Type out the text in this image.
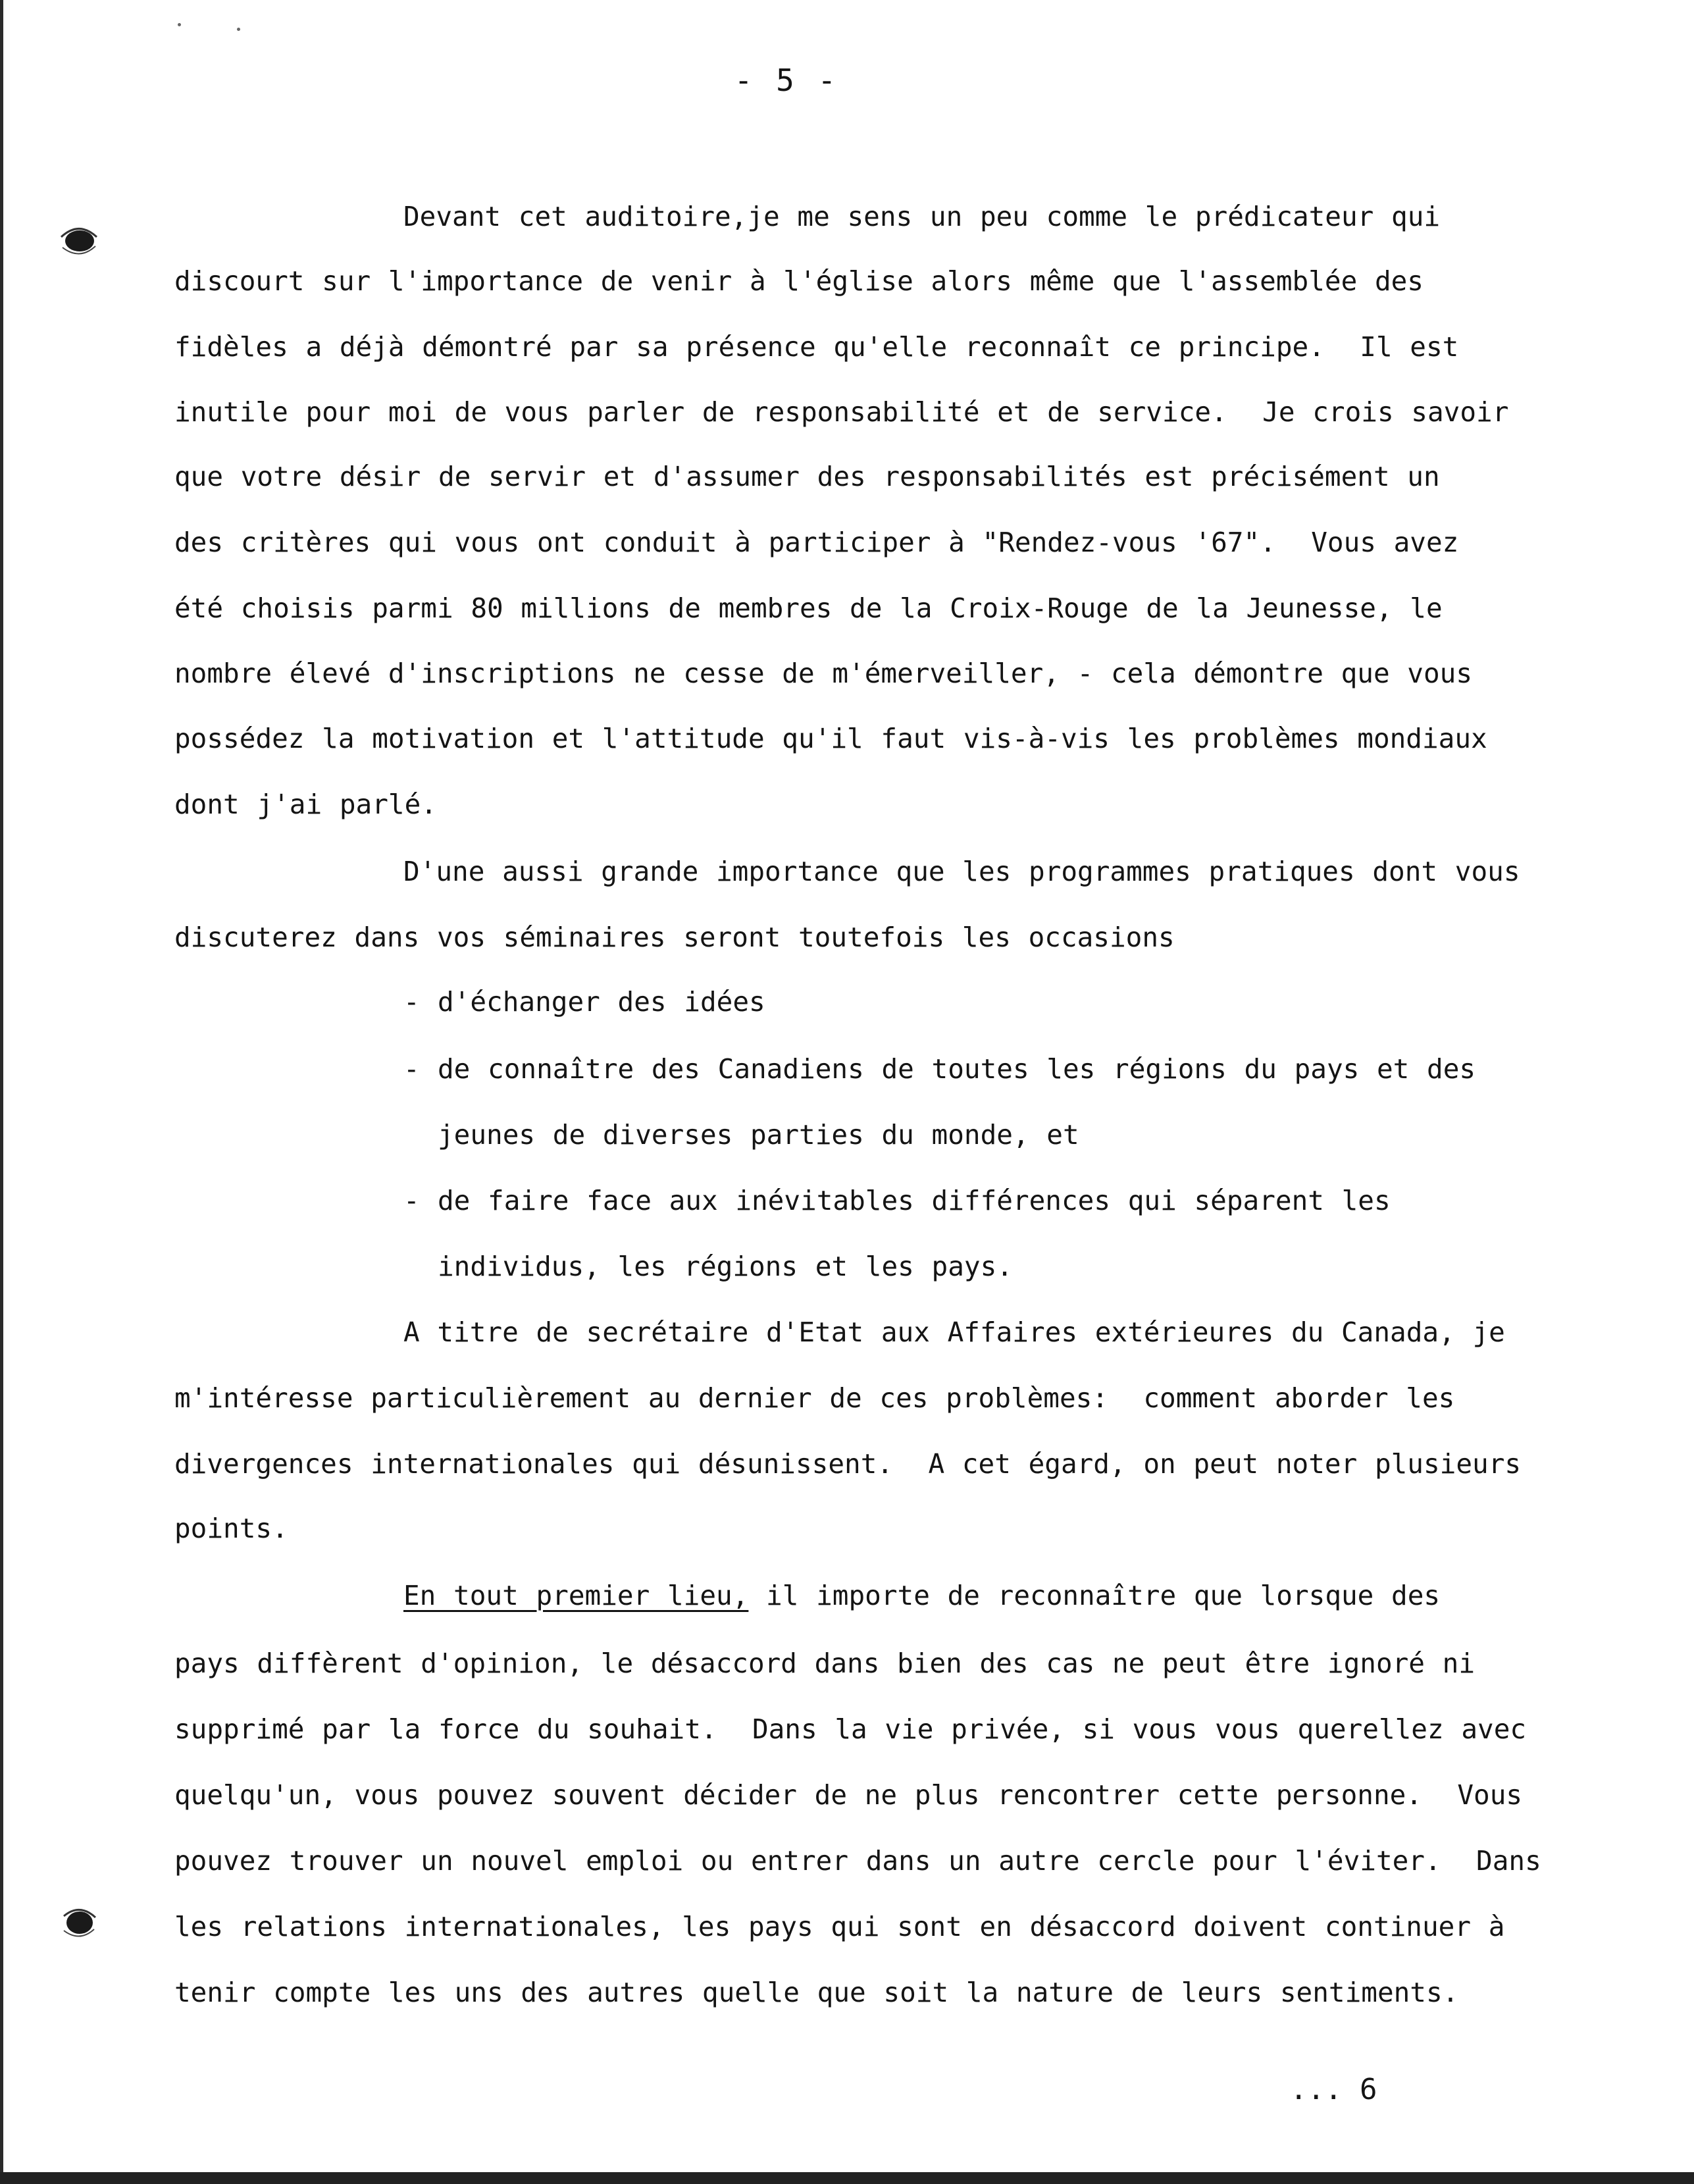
- 5 -
Devant cet auditoire,je me sens un peu comme le prédicateur qui
discourt sur l'importance de venir à l'église alors même que l'assemblée des
fidèles a déjà démontré par sa présence qu'elle reconnaît ce principe.  Il est
inutile pour moi de vous parler de responsabilité et de service.  Je crois savoir
que votre désir de servir et d'assumer des responsabilités est précisément un
des critères qui vous ont conduit à participer à "Rendez-vous '67".  Vous avez
été choisis parmi 80 millions de membres de la Croix-Rouge de la Jeunesse, le
nombre élevé d'inscriptions ne cesse de m'émerveiller, - cela démontre que vous
possédez la motivation et l'attitude qu'il faut vis-à-vis les problèmes mondiaux
dont j'ai parlé.
D'une aussi grande importance que les programmes pratiques dont vous
discuterez dans vos séminaires seront toutefois les occasions
- d'échanger des idées
- de connaître des Canadiens de toutes les régions du pays et des
jeunes de diverses parties du monde, et
- de faire face aux inévitables différences qui séparent les
individus, les régions et les pays.
A titre de secrétaire d'Etat aux Affaires extérieures du Canada, je
m'intéresse particulièrement au dernier de ces problèmes:  comment aborder les
divergences internationales qui désunissent.  A cet égard, on peut noter plusieurs
points.
En tout premier lieu, il importe de reconnaître que lorsque des
pays diffèrent d'opinion, le désaccord dans bien des cas ne peut être ignoré ni
supprimé par la force du souhait.  Dans la vie privée, si vous vous querellez avec
quelqu'un, vous pouvez souvent décider de ne plus rencontrer cette personne.  Vous
pouvez trouver un nouvel emploi ou entrer dans un autre cercle pour l'éviter.  Dans
les relations internationales, les pays qui sont en désaccord doivent continuer à
tenir compte les uns des autres quelle que soit la nature de leurs sentiments.
... 6
